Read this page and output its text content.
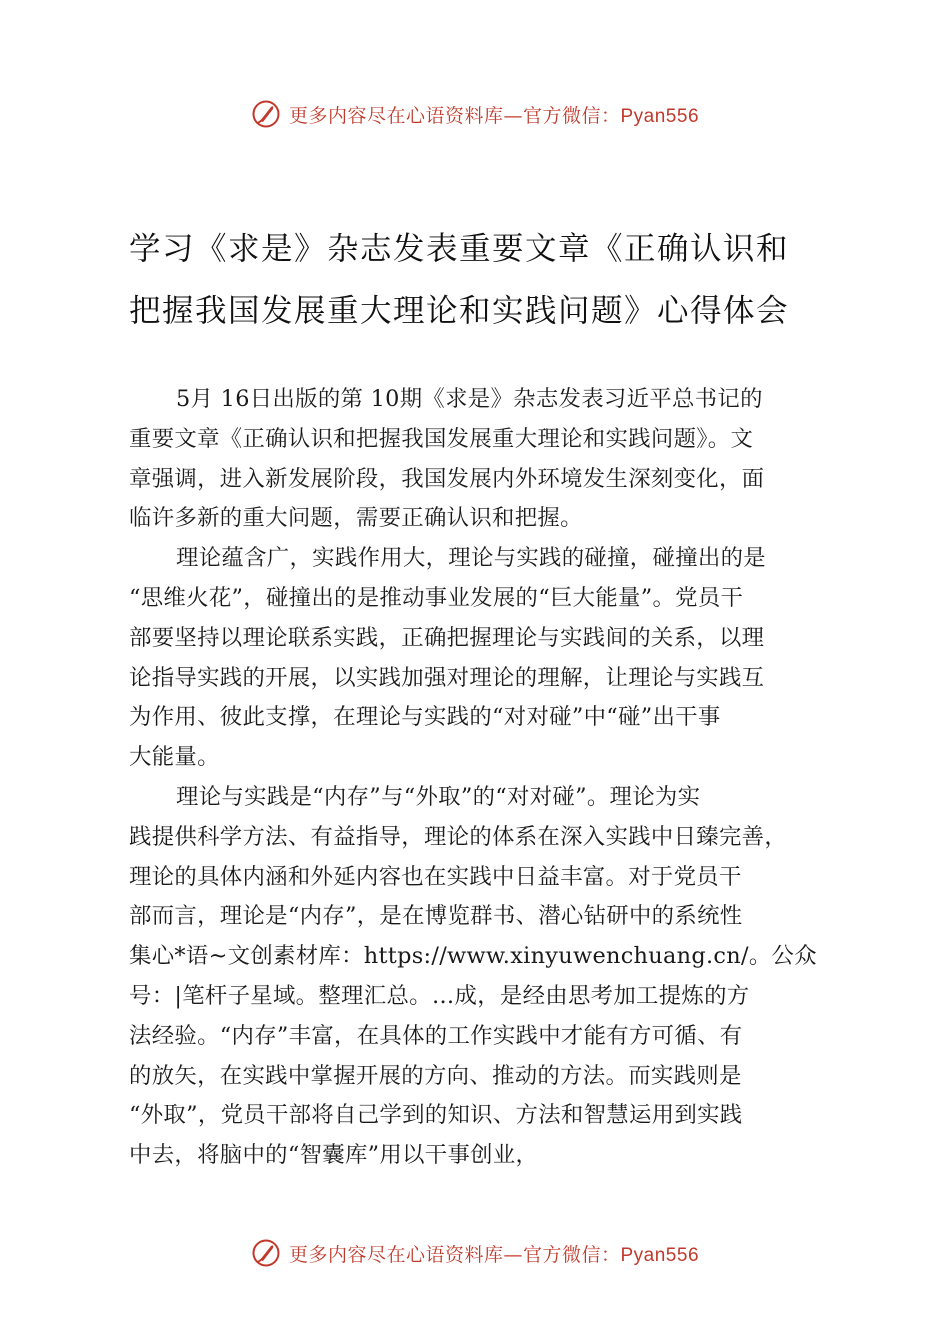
更多内容尽在心语资料库—官方微信：Pyan556
学习《求是》杂志发表重要文章《正确认识和
把握我国发展重大理论和实践问题》心得体会
5月 16日出版的第 10期《求是》杂志发表习近平总书记的
重要文章《正确认识和把握我国发展重大理论和实践问题》。文
章强调，进入新发展阶段，我国发展内外环境发生深刻变化，面
临许多新的重大问题，需要正确认识和把握。
理论蕴含广，实践作用大，理论与实践的碰撞，碰撞出的是
“思维火花”，碰撞出的是推动事业发展的“巨大能量”。党员干
部要坚持以理论联系实践，正确把握理论与实践间的关系，以理
论指导实践的开展，以实践加强对理论的理解，让理论与实践互
为作用、彼此支撑，在理论与实践的“对对碰”中“碰”出干事
大能量。
理论与实践是“内存”与“外取”的“对对碰”。理论为实
践提供科学方法、有益指导，理论的体系在深入实践中日臻完善，
理论的具体内涵和外延内容也在实践中日益丰富。对于党员干
部而言，理论是“内存”，是在博览群书、潜心钻研中的系统性
集心*语~文创素材库：https://www.xinyuwenchuang.cn/。公众
号：|笔杆子星域。整理汇总。…成，是经由思考加工提炼的方
法经验。“内存”丰富，在具体的工作实践中才能有方可循、有
的放矢，在实践中掌握开展的方向、推动的方法。而实践则是
“外取”，党员干部将自己学到的知识、方法和智慧运用到实践
中去，将脑中的“智囊库”用以干事创业，
更多内容尽在心语资料库—官方微信：Pyan556
